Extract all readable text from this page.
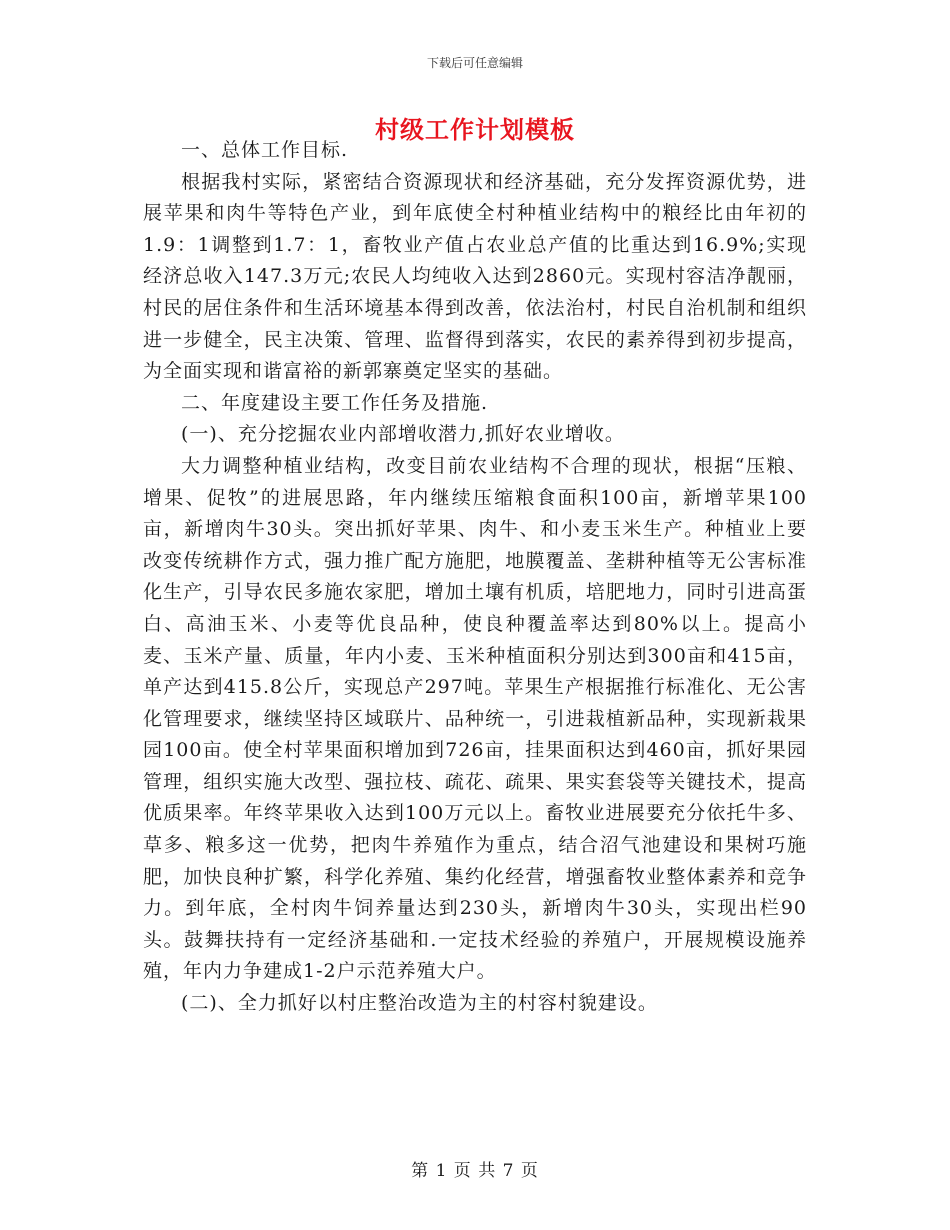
下载后可任意编辑
村级工作计划模板

一、总体工作目标.

根据我村实际，紧密结合资源现状和经济基础，充分发挥资源优势，进展苹果和肉牛等特色产业，到年底使全村种植业结构中的粮经比由年初的1.9：1调整到1.7：1，畜牧业产值占农业总产值的比重达到16.9%;实现经济总收入147.3万元;农民人均纯收入达到2860元。实现村容洁净靓丽，村民的居住条件和生活环境基本得到改善，依法治村，村民自治机制和组织进一步健全，民主决策、管理、监督得到落实，农民的素养得到初步提高，为全面实现和谐富裕的新郭寨奠定坚实的基础。

二、年度建设主要工作任务及措施.

(一)、充分挖掘农业内部增收潜力,抓好农业增收。

大力调整种植业结构，改变目前农业结构不合理的现状，根据“压粮、增果、促牧”的进展思路，年内继续压缩粮食面积100亩，新增苹果100亩，新增肉牛30头。突出抓好苹果、肉牛、和小麦玉米生产。种植业上要改变传统耕作方式，强力推广配方施肥，地膜覆盖、垄耕种植等无公害标准化生产，引导农民多施农家肥，增加土壤有机质，培肥地力，同时引进高蛋白、高油玉米、小麦等优良品种，使良种覆盖率达到80%以上。提高小麦、玉米产量、质量，年内小麦、玉米种植面积分别达到300亩和415亩，单产达到415.8公斤，实现总产297吨。苹果生产根据推行标准化、无公害化管理要求，继续坚持区域联片、品种统一，引进栽植新品种，实现新栽果园100亩。使全村苹果面积增加到726亩，挂果面积达到460亩，抓好果园管理，组织实施大改型、强拉枝、疏花、疏果、果实套袋等关键技术，提高优质果率。年终苹果收入达到100万元以上。畜牧业进展要充分依托牛多、草多、粮多这一优势，把肉牛养殖作为重点，结合沼气池建设和果树巧施肥，加快良种扩繁，科学化养殖、集约化经营，增强畜牧业整体素养和竞争力。到年底，全村肉牛饲养量达到230头，新增肉牛30头，实现出栏90头。鼓舞扶持有一定经济基础和.一定技术经验的养殖户，开展规模设施养殖，年内力争建成1-2户示范养殖大户。

(二)、全力抓好以村庄整治改造为主的村容村貌建设。

第 1 页 共 7 页
